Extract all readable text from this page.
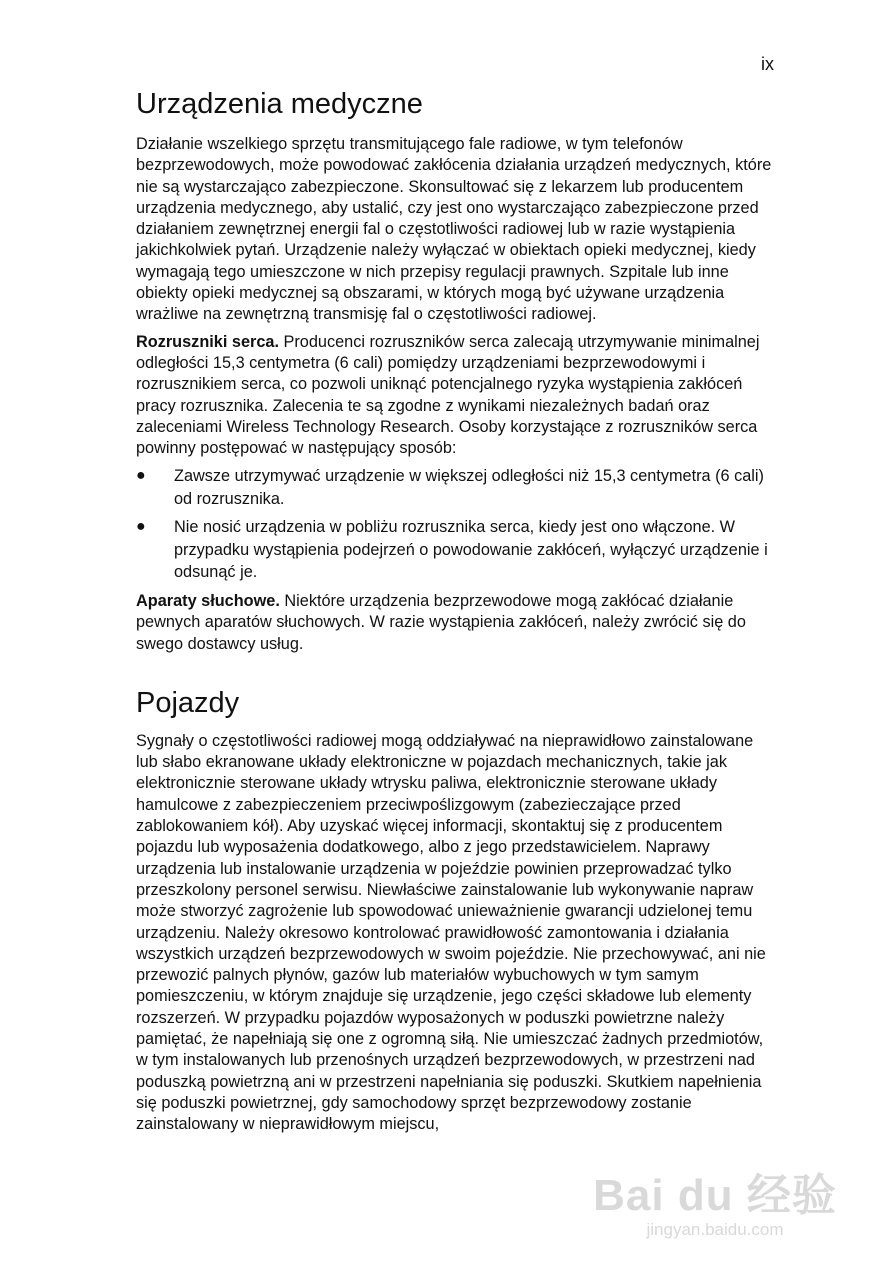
ix
Urządzenia medyczne

Działanie wszelkiego sprzętu transmitującego fale radiowe, w tym telefonów bezprzewodowych, może powodować zakłócenia działania urządzeń medycznych, które nie są wystarczająco zabezpieczone. Skonsultować się z lekarzem lub producentem urządzenia medycznego, aby ustalić, czy jest ono wystarczająco zabezpieczone przed działaniem zewnętrznej energii fal o częstotliwości radiowej lub w razie wystąpienia jakichkolwiek pytań. Urządzenie należy wyłączać w obiektach opieki medycznej, kiedy wymagają tego umieszczone w nich przepisy regulacji prawnych. Szpitale lub inne obiekty opieki medycznej są obszarami, w których mogą być używane urządzenia wrażliwe na zewnętrzną transmisję fal o częstotliwości radiowej.

Rozruszniki serca. Producenci rozruszników serca zalecają utrzymywanie minimalnej odległości 15,3 centymetra (6 cali) pomiędzy urządzeniami bezprzewodowymi i rozrusznikiem serca, co pozwoli uniknąć potencjalnego ryzyka wystąpienia zakłóceń pracy rozrusznika. Zalecenia te są zgodne z wynikami niezależnych badań oraz zaleceniami Wireless Technology Research. Osoby korzystające z rozruszników serca powinny postępować w następujący sposób:

● Zawsze utrzymywać urządzenie w większej odległości niż 15,3 centymetra (6 cali) od rozrusznika.
● Nie nosić urządzenia w pobliżu rozrusznika serca, kiedy jest ono włączone. W przypadku wystąpienia podejrzeń o powodowanie zakłóceń, wyłączyć urządzenie i odsunąć je.

Aparaty słuchowe. Niektóre urządzenia bezprzewodowe mogą zakłócać działanie pewnych aparatów słuchowych. W razie wystąpienia zakłóceń, należy zwrócić się do swego dostawcy usług.

Pojazdy

Sygnały o częstotliwości radiowej mogą oddziaływać na nieprawidłowo zainstalowane lub słabo ekranowane układy elektroniczne w pojazdach mechanicznych, takie jak elektronicznie sterowane układy wtrysku paliwa, elektronicznie sterowane układy hamulcowe z zabezpieczeniem przeciwpoślizgowym (zabezieczające przed zablokowaniem kół). Aby uzyskać więcej informacji, skontaktuj się z producentem pojazdu lub wyposażenia dodatkowego, albo z jego przedstawicielem. Naprawy urządzenia lub instalowanie urządzenia w pojeździe powinien przeprowadzać tylko przeszkolony personel serwisu. Niewłaściwe zainstalowanie lub wykonywanie napraw może stworzyć zagrożenie lub spowodować unieważnienie gwarancji udzielonej temu urządzeniu. Należy okresowo kontrolować prawidłowość zamontowania i działania wszystkich urządzeń bezprzewodowych w swoim pojeździe. Nie przechowywać, ani nie przewozić palnych płynów, gazów lub materiałów wybuchowych w tym samym pomieszczeniu, w którym znajduje się urządzenie, jego części składowe lub elementy rozszerzeń. W przypadku pojazdów wyposażonych w poduszki powietrzne należy pamiętać, że napełniają się one z ogromną siłą. Nie umieszczać żadnych przedmiotów, w tym instalowanych lub przenośnych urządzeń bezprzewodowych, w przestrzeni nad poduszką powietrzną ani w przestrzeni napełniania się poduszki. Skutkiem napełnienia się poduszki powietrznej, gdy samochodowy sprzęt bezprzewodowy zostanie zainstalowany w nieprawidłowym miejscu,

Bai du 经验
jingyan.baidu.com
